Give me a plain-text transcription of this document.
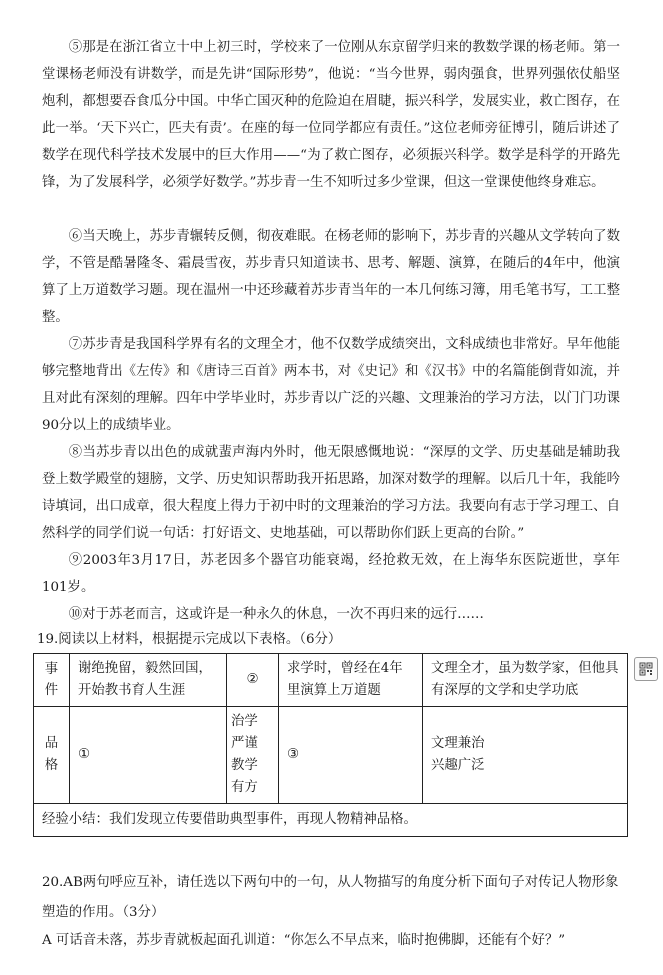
⑤那是在浙江省立十中上初三时，学校来了一位刚从东京留学归来的教数学课的杨老师。第一堂课杨老师没有讲数学，而是先讲“国际形势”，他说：“当今世界，弱肉强食，世界列强依仗船坚炮利，都想要吞食瓜分中国。中华亡国灭种的危险迫在眉睫，振兴科学，发展实业，救亡图存，在此一举。‘天下兴亡，匹夫有责’。在座的每一位同学都应有责任。”这位老师旁征博引，随后讲述了数学在现代科学技术发展中的巨大作用——“为了救亡图存，必须振兴科学。数学是科学的开路先锋，为了发展科学，必须学好数学。”苏步青一生不知听过多少堂课，但这一堂课使他终身难忘。

⑥当天晚上，苏步青辗转反侧，彻夜难眠。在杨老师的影响下，苏步青的兴趣从文学转向了数学，不管是酷暑隆冬、霜晨雪夜，苏步青只知道读书、思考、解题、演算，在随后的4年中，他演算了上万道数学习题。现在温州一中还珍藏着苏步青当年的一本几何练习簿，用毛笔书写，工工整整。

⑦苏步青是我国科学界有名的文理全才，他不仅数学成绩突出，文科成绩也非常好。早年他能够完整地背出《左传》和《唐诗三百首》两本书，对《史记》和《汉书》中的名篇能倒背如流，并且对此有深刻的理解。四年中学毕业时，苏步青以广泛的兴趣、文理兼治的学习方法，以门门功课90分以上的成绩毕业。

⑧当苏步青以出色的成就蜚声海内外时，他无限感慨地说：“深厚的文学、历史基础是辅助我登上数学殿堂的翅膀，文学、历史知识帮助我开拓思路，加深对数学的理解。以后几十年，我能吟诗填词，出口成章，很大程度上得力于初中时的文理兼治的学习方法。我要向有志于学习理工、自然科学的同学们说一句话：打好语文、史地基础，可以帮助你们跃上更高的台阶。”

⑨2003年3月17日，苏老因多个器官功能衰竭，经抢救无效，在上海华东医院逝世，享年101岁。

⑩对于苏老而言，这或许是一种永久的休息，一次不再归来的远行……

19.阅读以上材料，根据提示完成以下表格。（6分）

事件	谢绝挽留，毅然回国，开始教书育人生涯	②	求学时，曾经在4年里演算上万道题	文理全才，虽为数学家，但他具有深厚的文学和史学功底
品格	①	治学严谨教学有方	③	文理兼治
兴趣广泛

经验小结：我们发现立传要借助典型事件，再现人物精神品格。				

20.AB两句呼应互补，请任选以下两句中的一句，从人物描写的角度分析下面句子对传记人物形象塑造的作用。（3分）

A 可话音未落，苏步青就板起面孔训道：“你怎么不早点来，临时抱佛脚，还能有个好？”
